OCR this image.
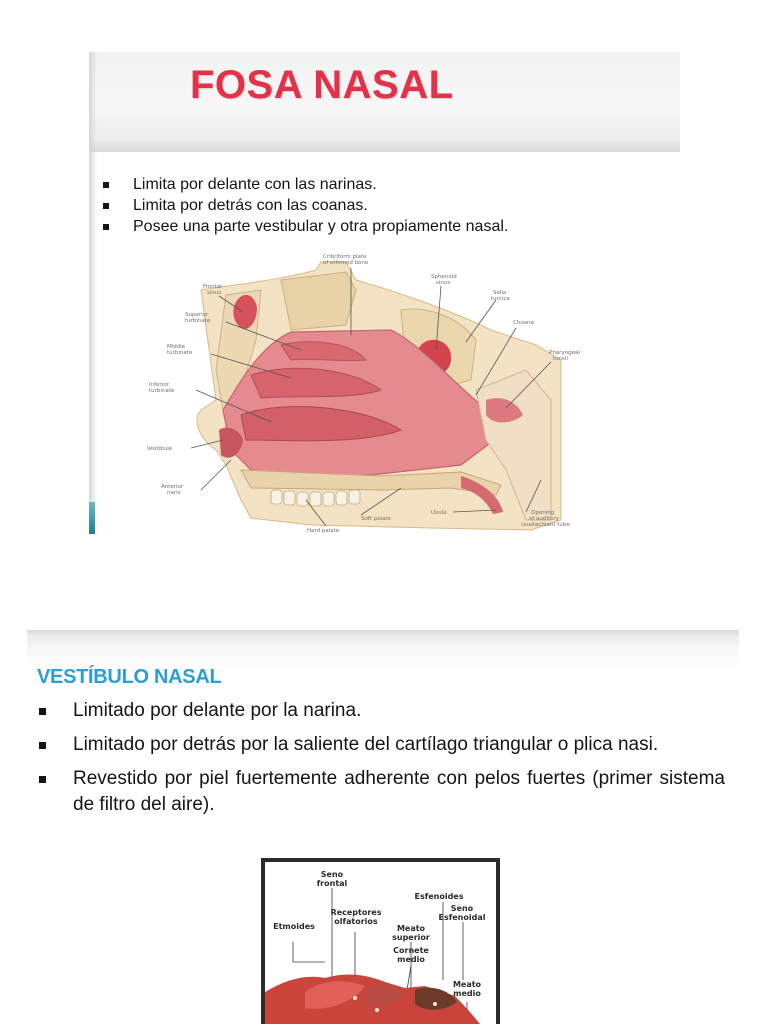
FOSA NASAL
Limita por delante con las narinas.
Limita por detrás con las coanas.
Posee una parte vestibular y otra propiamente nasal.
Cribriform plate
of ethmoid bone
Frontal
sinus
Sphenoid
sinus
Sella
turcica
Superior
turbinate	Choana
Middle
turbinate	Pharyngeal
tonsil
Inferior
turbinate
Vestibule
Anterior
naris
Hard palate
Soft palate
Uvula	Opening
of auditory
(eustachian) tube
VESTÍBULO NASAL
Limitado por delante por la narina.
Limitado por detrás por la saliente del cartílago triangular o plica nasi.
Revestido por piel fuertemente adherente con pelos fuertes (primer sistema de filtro del aire).
Seno frontal
Esfenoides
Receptores olfatorios
Seno Esfenoidal
Etmoides	Meato superior
Cornete medio
Meato medio
